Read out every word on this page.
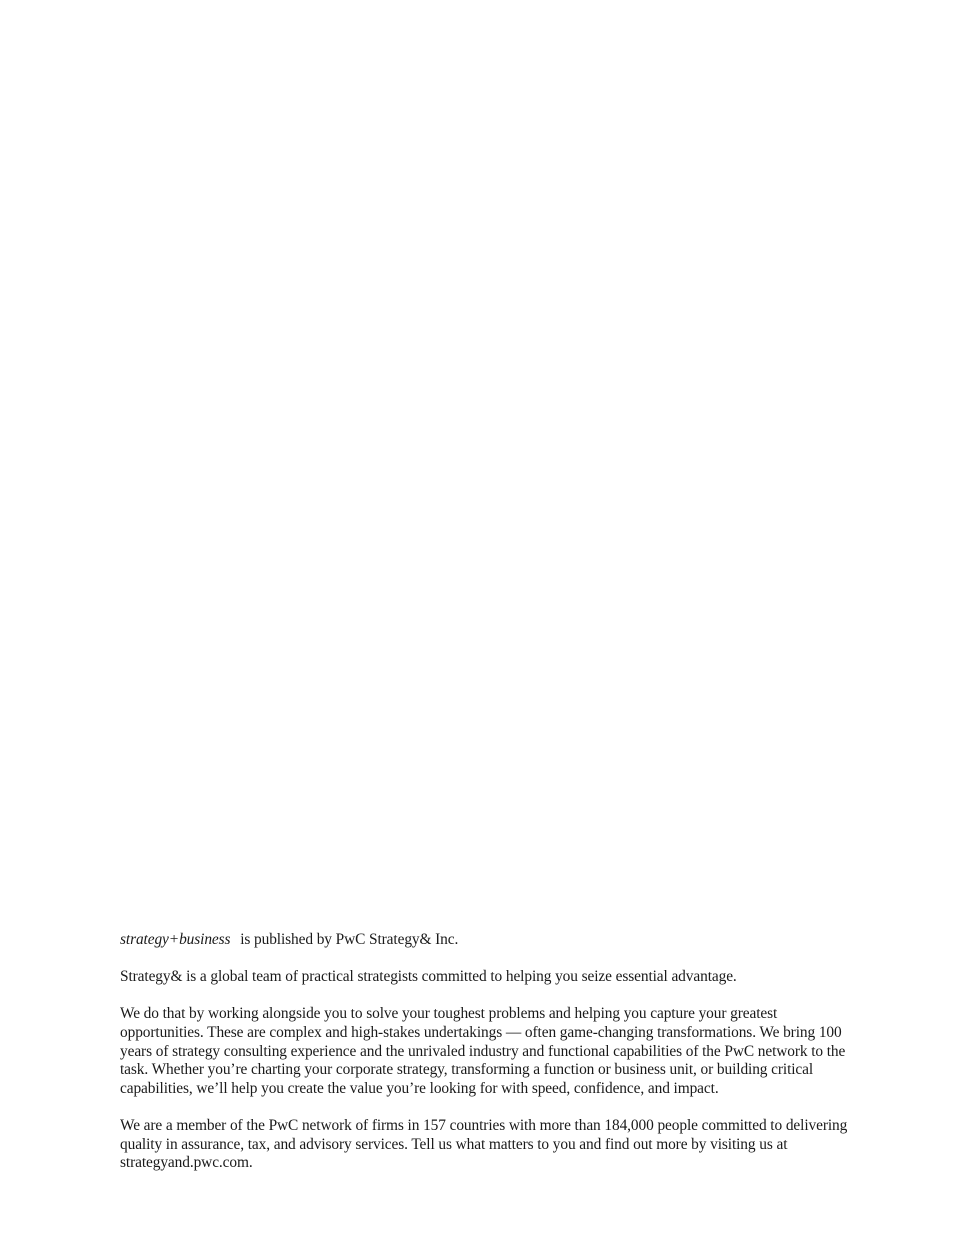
strategy+business is published by PwC Strategy& Inc.

Strategy& is a global team of practical strategists committed to helping you seize essential advantage.

We do that by working alongside you to solve your toughest problems and helping you capture your greatest opportunities. These are complex and high-stakes undertakings — often game-changing transformations. We bring 100 years of strategy consulting experience and the unrivaled industry and functional capabilities of the PwC network to the task. Whether you’re charting your corporate strategy, transforming a function or business unit, or building critical capabilities, we’ll help you create the value you’re looking for with speed, confidence, and impact.

We are a member of the PwC network of firms in 157 countries with more than 184,000 people committed to delivering quality in assurance, tax, and advisory services. Tell us what matters to you and find out more by visiting us at strategyand.pwc.com.
